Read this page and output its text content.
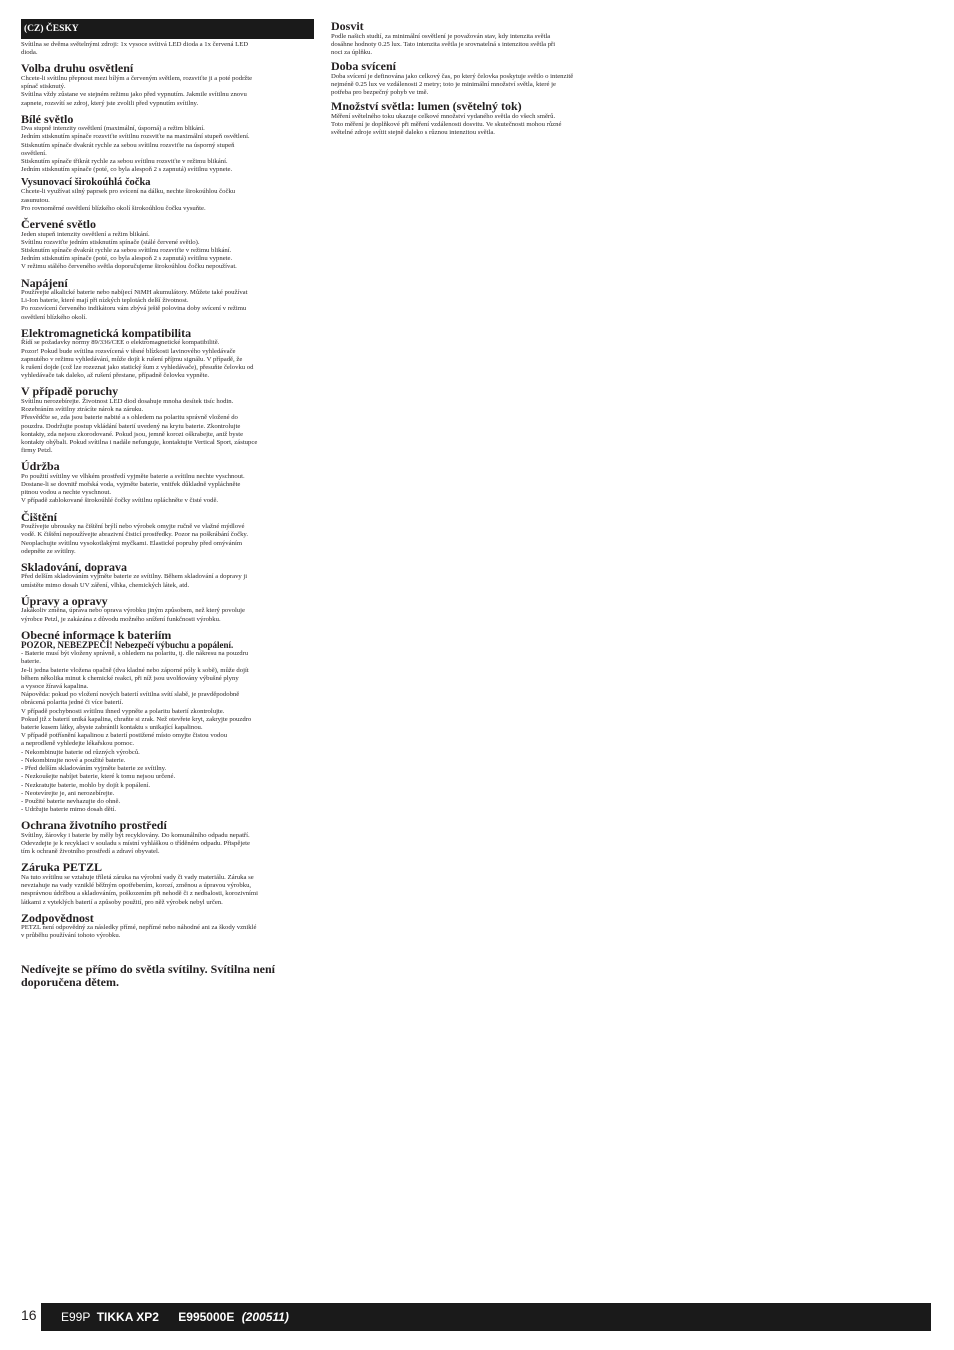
(CZ) ČESKY

Svítilna se dvěma světelnými zdroji: 1x vysoce svítivá LED dioda a 1x červená LED
dioda.

Volba druhu osvětlení

Chcete-li svítilnu přepnout mezi bílým a červeným světlem, rozsviťte ji a poté podržte
spínač stisknutý.
Svítilna vždy zůstane ve stejném režimu jako před vypnutím. Jakmile svítilnu znovu
zapnete, rozsvítí se zdroj, který jste zvolili před vypnutím svítilny.

Bílé světlo

Dva stupně intenzity osvětlení (maximální, úsporná) a režim blikání.
Jedním stisknutím spínače rozsviťte svítilnu rozsviťte na maximální stupeň osvětlení.
Stisknutím spínače dvakrát rychle za sebou svítilnu rozsviťte na úsporný stupeň
osvětlení.
Stisknutím spínače třikrát rychle za sebou svítilnu rozsviťte v režimu blikání.
Jedním stisknutím spínače (poté, co byla alespoň 2 s zapnutá) svítilnu vypnete.

Vysunovací širokoúhlá čočka

Chcete-li využívat silný paprsek pro svícení na dálku, nechte širokoúhlou čočku
zasunutou.
Pro rovnoměrné osvětlení blízkého okolí širokoúhlou čočku vysuňte.

Červené světlo

Jeden stupeň intenzity osvětlení a režim blikání.
Svítilnu rozsviťte jedním stisknutím spínače (stálé červené světlo).
Stisknutím spínače dvakrát rychle za sebou svítilnu rozsviťte v režimu blikání.
Jedním stisknutím spínače (poté, co byla alespoň 2 s zapnutá) svítilnu vypnete.
V režimu stálého červeného světla doporučujeme širokoúhlou čočku nepoužívat.

Napájení

Používejte alkalické baterie nebo nabíjecí NiMH akumulátory. Můžete také používat
Li-Ion baterie, které mají při nízkých teplotách delší životnost.
Po rozsvícení červeného indikátoru vám zbývá ještě polovina doby svícení v režimu
osvětlení blízkého okolí.

Elektromagnetická kompatibilita

Řídí se požadavky normy 89/336/CEE o elektromagnetické kompatibilitě.
Pozor! Pokud bude svítilna rozsvícená v těsné blízkosti lavinového vyhledávače
zapnutého v režimu vyhledávání, může dojít k rušení příjmu signálu. V případě, že
k rušení dojde (což lze rozeznat jako statický šum z vyhledávače), přesuňte čelovku od
vyhledávače tak daleko, až rušení přestane, případně čelovku vypněte.

V případě poruchy

Svítilnu nerozebírejte. Životnost LED diod dosahuje mnoha desítek tisíc hodin.
Rozebráním svítilny ztrácíte nárok na záruku.
Přesvědčte se, zda jsou baterie nabité a s ohledem na polaritu správně vložené do
pouzdra. Dodržujte postup vkládání baterií uvedený na krytu baterie. Zkontrolujte
kontakty, zda nejsou zkorodované. Pokud jsou, jemně korozi oškrabejte, aniž byste
kontakty ohýbali. Pokud svítilna i nadále nefunguje, kontaktujte Vertical Sport, zástupce
firmy Petzl.

Údržba

Po použití svítilny ve vlhkém prostředí vyjměte baterie a svítilnu nechte vyschnout.
Dostane-li se dovnitř mořská voda, vyjměte baterie, vnitřek důkladně vypláchněte
pitnou vodou a nechte vyschnout.
V případě zablokované širokoúhlé čočky svítilnu opláchněte v čisté vodě.

Čištění

Používejte ubrousky na čištění brýlí nebo výrobek omyjte ručně ve vlažné mýdlové
vodě. K čištění nepoužívejte abrazivní čisticí prostředky. Pozor na poškrábání čočky.
Neoplachujte svítilnu vysokotlakými myčkami. Elastické popruhy před omýváním
odepněte ze svítilny.

Skladování, doprava

Před delším skladováním vyjměte baterie ze svítilny. Během skladování a dopravy ji
umístěte mimo dosah UV záření, vlhka, chemických látek, atd.

Úpravy a opravy

Jakákoliv změna, úprava nebo oprava výrobku jiným způsobem, než který povoluje
výrobce Petzl, je zakázána z důvodu možného snížení funkčnosti výrobku.

Obecné informace k bateriím
POZOR, NEBEZPEČÍ! Nebezpečí výbuchu a popálení.

- Baterie musí být vloženy správně, s ohledem na polaritu, tj. dle nákresu na pouzdru
baterie.
Je-li jedna baterie vložena opačně (dva kladné nebo záporné póly k sobě), může dojít
během několika minut k chemické reakci, při níž jsou uvolňovány výbušné plyny
a vysoce žíravá kapalina.
Nápověda: pokud po vložení nových baterií svítilna svítí slabě, je pravděpodobně
obrácená polarita jedné či více baterií.
V případě pochybnosti svítilnu ihned vypněte a polaritu baterií zkontrolujte.
Pokud již z baterií uniká kapalina, chraňte si zrak. Než otevřete kryt, zakryjte pouzdro
baterie kusem látky, abyste zabránili kontaktu s unikající kapalinou.
V případě potřísnění kapalinou z baterií postižené místo omyjte čistou vodou
a neprodleně vyhledejte lékařskou pomoc.
- Nekombinujte baterie od různých výrobců.
- Nekombinujte nové a použité baterie.
- Před delším skladováním vyjměte baterie ze svítilny.
- Nezkoušejte nabíjet baterie, které k tomu nejsou určené.
- Nezkratujte baterie, mohlo by dojít k popálení.
- Neotevírejte je, ani nerozebírejte.
- Použité baterie nevhazujte do ohně.
- Udržujte baterie mimo dosah dětí.

Ochrana životního prostředí

Svítilny, žárovky i baterie by měly být recyklovány. Do komunálního odpadu nepatří.
Odevzdejte je k recyklaci v souladu s místní vyhláškou o tříděném odpadu. Přispějete
tím k ochraně životního prostředí a zdraví obyvatel.

Záruka PETZL

Na tuto svítilnu se vztahuje tříletá záruka na výrobní vady či vady materiálu. Záruka se
nevztahuje na vady vzniklé běžným opotřebením, korozí, změnou a úpravou výrobku,
nesprávnou údržbou a skladováním, poškozením při nehodě či z nedbalosti, korozivními
látkami z vyteklých baterií a způsoby použití, pro něž výrobek nebyl určen.

Zodpovědnost

PETZL není odpovědný za následky přímé, nepřímé nebo náhodné ani za škody vzniklé
v průběhu používání tohoto výrobku.

Nedívejte se přímo do světla svítilny. Svítilna není
doporučena dětem.
Dosvit

Podle našich studií, za minimální osvětlení je považován stav, kdy intenzita světla
dosáhne hodnoty 0.25 lux. Tato intenzita světla je srovnatelná s intenzitou světla při
noci za úplňku.

Doba svícení

Doba svícení je definována jako celkový čas, po který čelovka poskytuje světlo o intenzitě
nejméně 0.25 lux ve vzdálenosti 2 metry; toto je minimální množství světla, které je
potřeba pro bezpečný pohyb ve tmě.

Množství světla: lumen (světelný tok)

Měření světelného toku ukazuje celkové množství vydaného světla do všech směrů.
Toto měření je doplňkové při měření vzdálenosti dosvitu. Ve skutečnosti mohou různé
světelné zdroje svítit stejně daleko s různou intenzitou světla.

16	E99P TIKKA XP2 E995000E (200511)
